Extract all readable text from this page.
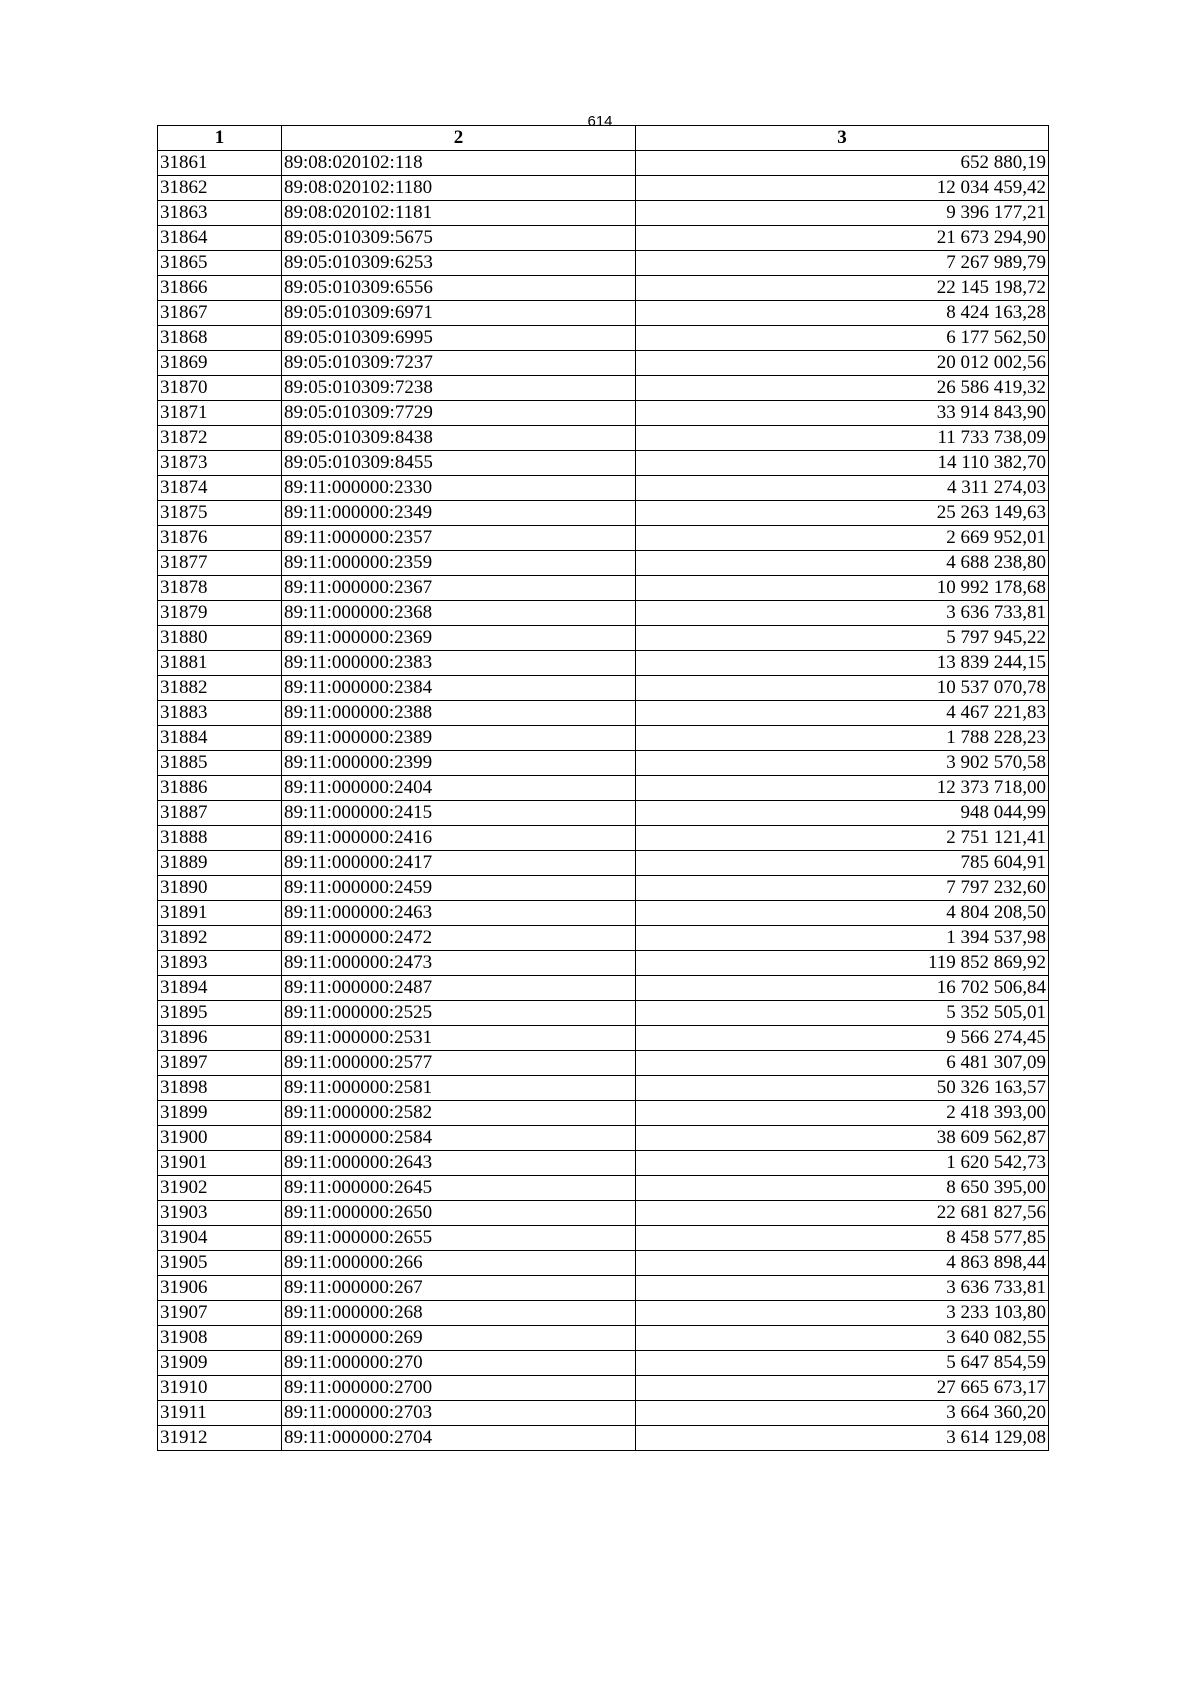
614
1	2	3
31861	89:08:020102:118	652 880,19
31862	89:08:020102:1180	12 034 459,42
31863	89:08:020102:1181	9 396 177,21
31864	89:05:010309:5675	21 673 294,90
31865	89:05:010309:6253	7 267 989,79
31866	89:05:010309:6556	22 145 198,72
31867	89:05:010309:6971	8 424 163,28
31868	89:05:010309:6995	6 177 562,50
31869	89:05:010309:7237	20 012 002,56
31870	89:05:010309:7238	26 586 419,32
31871	89:05:010309:7729	33 914 843,90
31872	89:05:010309:8438	11 733 738,09
31873	89:05:010309:8455	14 110 382,70
31874	89:11:000000:2330	4 311 274,03
31875	89:11:000000:2349	25 263 149,63
31876	89:11:000000:2357	2 669 952,01
31877	89:11:000000:2359	4 688 238,80
31878	89:11:000000:2367	10 992 178,68
31879	89:11:000000:2368	3 636 733,81
31880	89:11:000000:2369	5 797 945,22
31881	89:11:000000:2383	13 839 244,15
31882	89:11:000000:2384	10 537 070,78
31883	89:11:000000:2388	4 467 221,83
31884	89:11:000000:2389	1 788 228,23
31885	89:11:000000:2399	3 902 570,58
31886	89:11:000000:2404	12 373 718,00
31887	89:11:000000:2415	948 044,99
31888	89:11:000000:2416	2 751 121,41
31889	89:11:000000:2417	785 604,91
31890	89:11:000000:2459	7 797 232,60
31891	89:11:000000:2463	4 804 208,50
31892	89:11:000000:2472	1 394 537,98
31893	89:11:000000:2473	119 852 869,92
31894	89:11:000000:2487	16 702 506,84
31895	89:11:000000:2525	5 352 505,01
31896	89:11:000000:2531	9 566 274,45
31897	89:11:000000:2577	6 481 307,09
31898	89:11:000000:2581	50 326 163,57
31899	89:11:000000:2582	2 418 393,00
31900	89:11:000000:2584	38 609 562,87
31901	89:11:000000:2643	1 620 542,73
31902	89:11:000000:2645	8 650 395,00
31903	89:11:000000:2650	22 681 827,56
31904	89:11:000000:2655	8 458 577,85
31905	89:11:000000:266	4 863 898,44
31906	89:11:000000:267	3 636 733,81
31907	89:11:000000:268	3 233 103,80
31908	89:11:000000:269	3 640 082,55
31909	89:11:000000:270	5 647 854,59
31910	89:11:000000:2700	27 665 673,17
31911	89:11:000000:2703	3 664 360,20
31912	89:11:000000:2704	3 614 129,08
